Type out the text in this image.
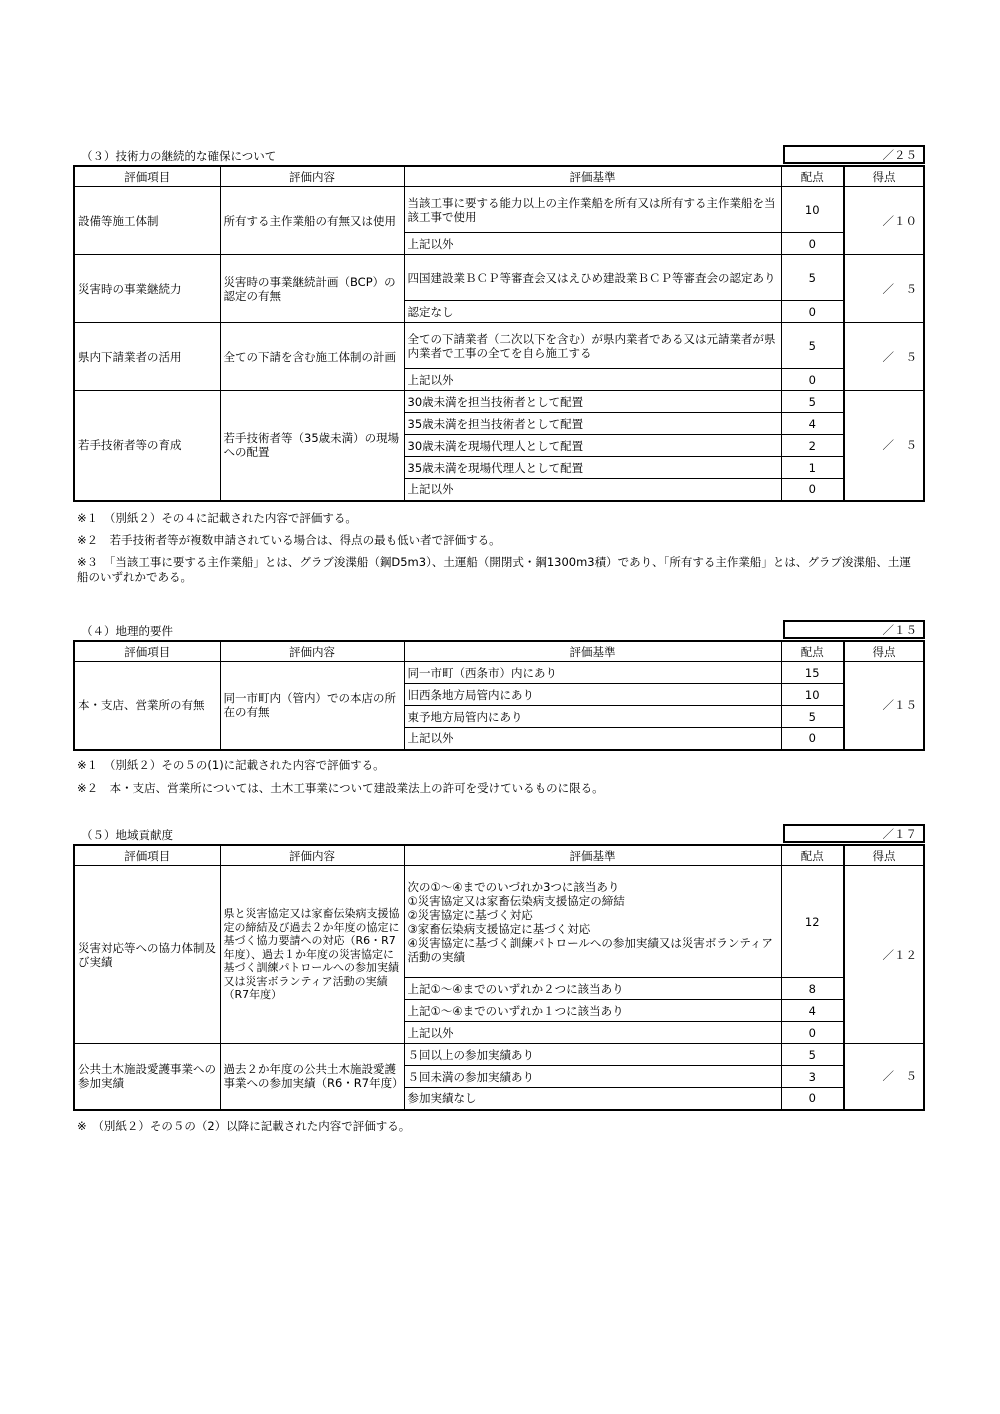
（３）技術力の継続的な確保について	／２５
評価項目	評価内容	評価基準	配点	得点
設備等施工体制	所有する主作業船の有無又は使用	当該工事に要する能力以上の主作業船を所有又は所有する主作業船を当該工事で使用	10	／１０
		上記以外	0	
災害時の事業継続力	災害時の事業継続計画（BCP）の認定の有無	四国建設業ＢＣＰ等審査会又はえひめ建設業ＢＣＰ等審査会の認定あり	5	／　５
		認定なし	0	
県内下請業者の活用	全ての下請を含む施工体制の計画	全ての下請業者（二次以下を含む）が県内業者である又は元請業者が県内業者で工事の全てを自ら施工する	5	／　５
		上記以外	0	
若手技術者等の育成	若手技術者等（35歳未満）の現場への配置	30歳未満を担当技術者として配置	5	／　５
		35歳未満を担当技術者として配置	4	
		30歳未満を現場代理人として配置	2	
		35歳未満を現場代理人として配置	1	
		上記以外	0	
※１　（別紙２）その４に記載された内容で評価する。
※２　若手技術者等が複数申請されている場合は、得点の最も低い者で評価する。
※３　「当該工事に要する主作業船」とは、グラブ浚渫船（鋼D5m3）、土運船（開閉式・鋼1300m3積）であり、「所有する主作業船」とは、グラブ浚渫船、土運船のいずれかである。
（４）地理的要件	／１５
評価項目	評価内容	評価基準	配点	得点
本・支店、営業所の有無	同一市町内（管内）での本店の所在の有無	同一市町（西条市）内にあり	15	／１５
		旧西条地方局管内にあり	10	
		東予地方局管内にあり	5	
		上記以外	0	
※１　（別紙２）その５の(1)に記載された内容で評価する。
※２　本・支店、営業所については、土木工事業について建設業法上の許可を受けているものに限る。
（５）地域貢献度	／１７
評価項目	評価内容	評価基準	配点	得点
災害対応等への協力体制及び実績	県と災害協定又は家畜伝染病支援協定の締結及び過去２か年度の協定に基づく協力要請への対応（R6・R7年度）、過去１か年度の災害協定に基づく訓練パトロールへの参加実績又は災害ボランティア活動の実績（R7年度）	次の①～④までのいづれか3つに該当あり
①災害協定又は家畜伝染病支援協定の締結
②災害協定に基づく対応
③家畜伝染病支援協定に基づく対応
④災害協定に基づく訓練パトロールへの参加実績又は災害ボランティア活動の実績	12	／１２
		上記①～④までのいずれか２つに該当あり	8	
		上記①～④までのいずれか１つに該当あり	4	
		上記以外	0	
公共土木施設愛護事業への参加実績	過去２か年度の公共土木施設愛護事業への参加実績（R6・R7年度）	５回以上の参加実績あり	5	／　５
		５回未満の参加実績あり	3	
		参加実績なし	0	
※　（別紙２）その５の（2）以降に記載された内容で評価する。
